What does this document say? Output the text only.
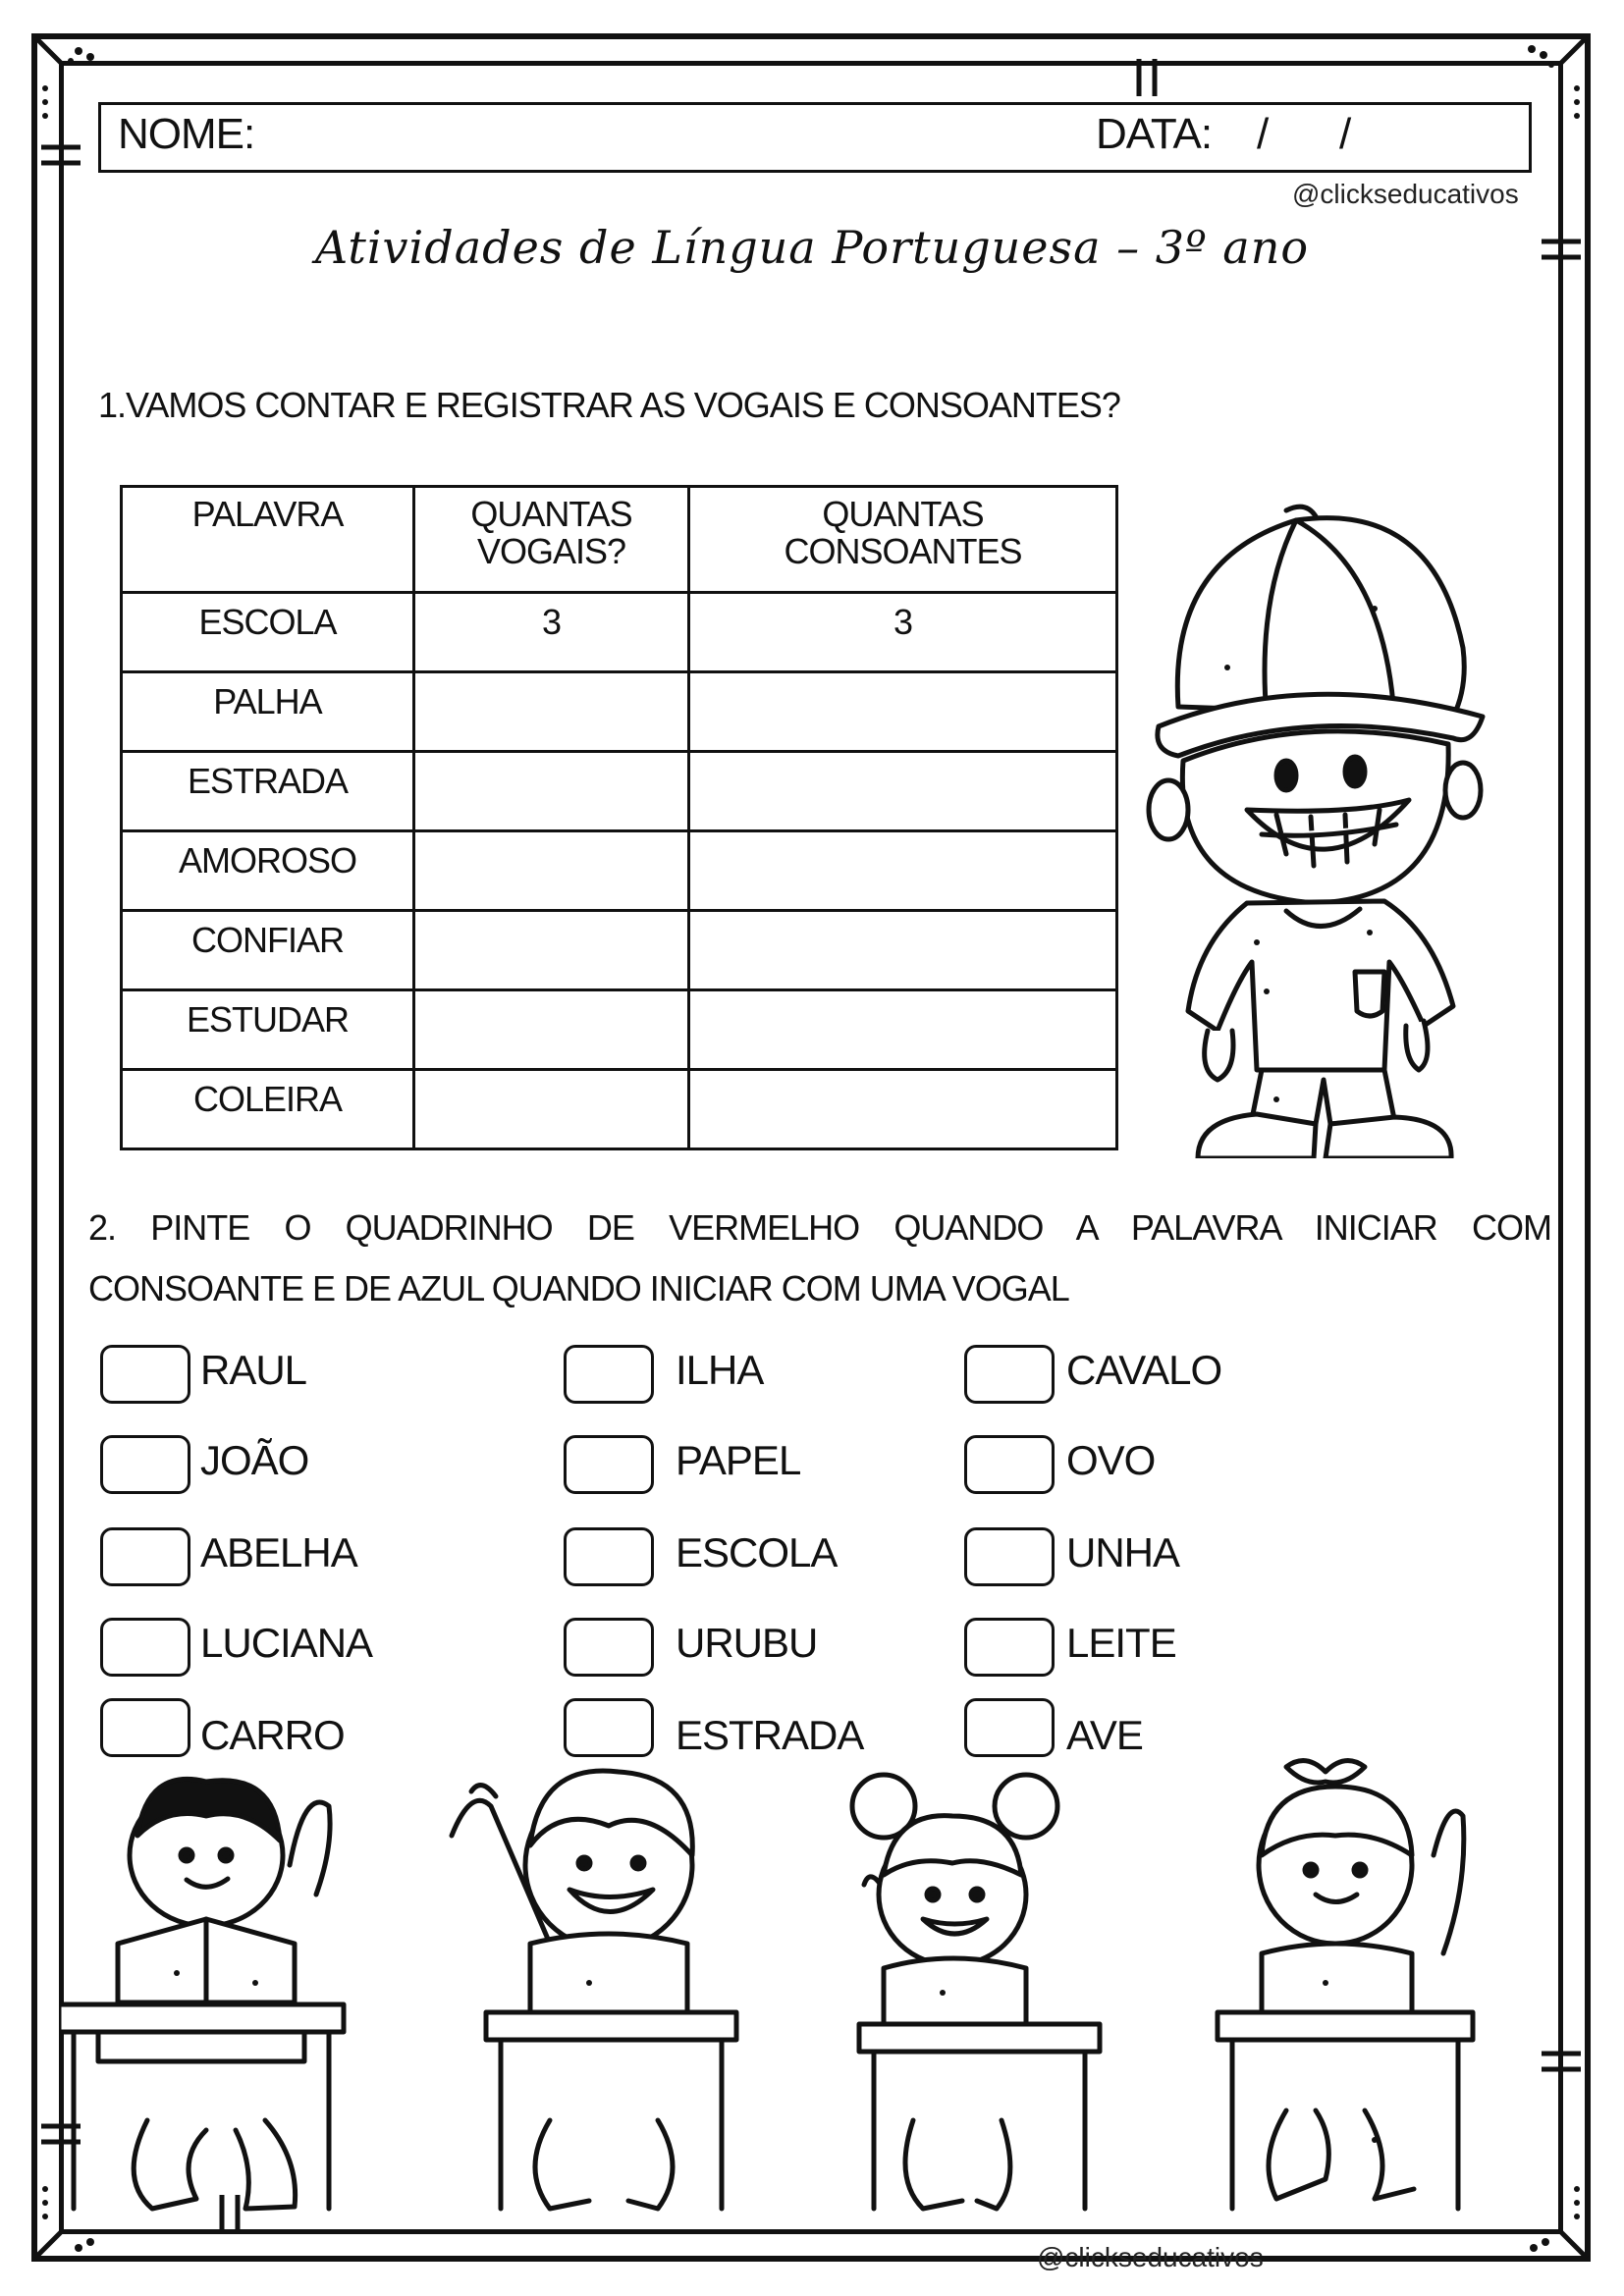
NOME:	DATA: / /
@clickseducativos
Atividades de Língua Portuguesa – 3º ano
1.VAMOS CONTAR E REGISTRAR AS VOGAIS E CONSOANTES?
PALAVRA	QUANTAS VOGAIS?	QUANTAS CONSOANTES
ESCOLA	3	3
PALHA		
ESTRADA		
AMOROSO		
CONFIAR		
ESTUDAR		
COLEIRA		
2. PINTE O QUADRINHO DE VERMELHO QUANDO A PALAVRA INICIAR COM
CONSOANTE E DE AZUL QUANDO INICIAR COM UMA VOGAL
RAUL
JOÃO
ABELHA
LUCIANA
CARRO
ILHA
PAPEL
ESCOLA
URUBU
ESTRADA
CAVALO
OVO
UNHA
LEITE
AVE
@clickseducativos
